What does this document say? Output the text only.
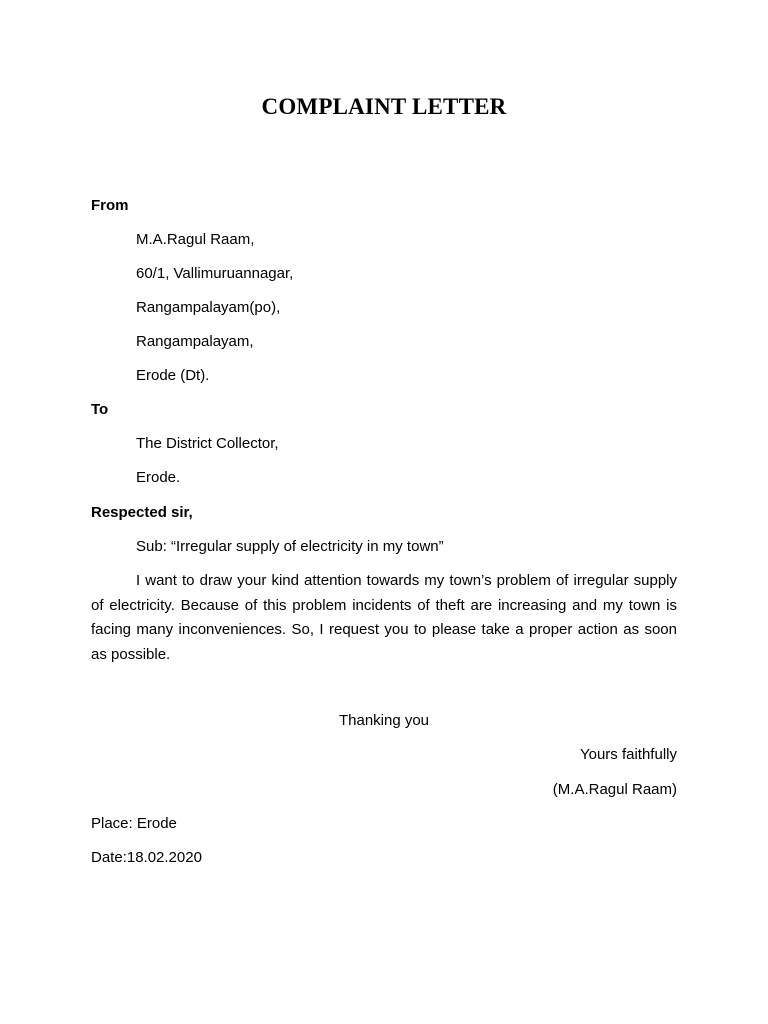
COMPLAINT LETTER
From
M.A.Ragul Raam,
60/1, Vallimuruannagar,
Rangampalayam(po),
Rangampalayam,
Erode (Dt).
To
The District Collector,
Erode.
Respected sir,
Sub: “Irregular supply of electricity in my town”
I want to draw your kind attention towards my town’s problem of irregular supply of electricity. Because of this problem incidents of theft are increasing and my town is facing many inconveniences. So, I request you to please take a proper action as soon as possible.
Thanking you
Yours faithfully
(M.A.Ragul Raam)
Place: Erode
Date:18.02.2020
